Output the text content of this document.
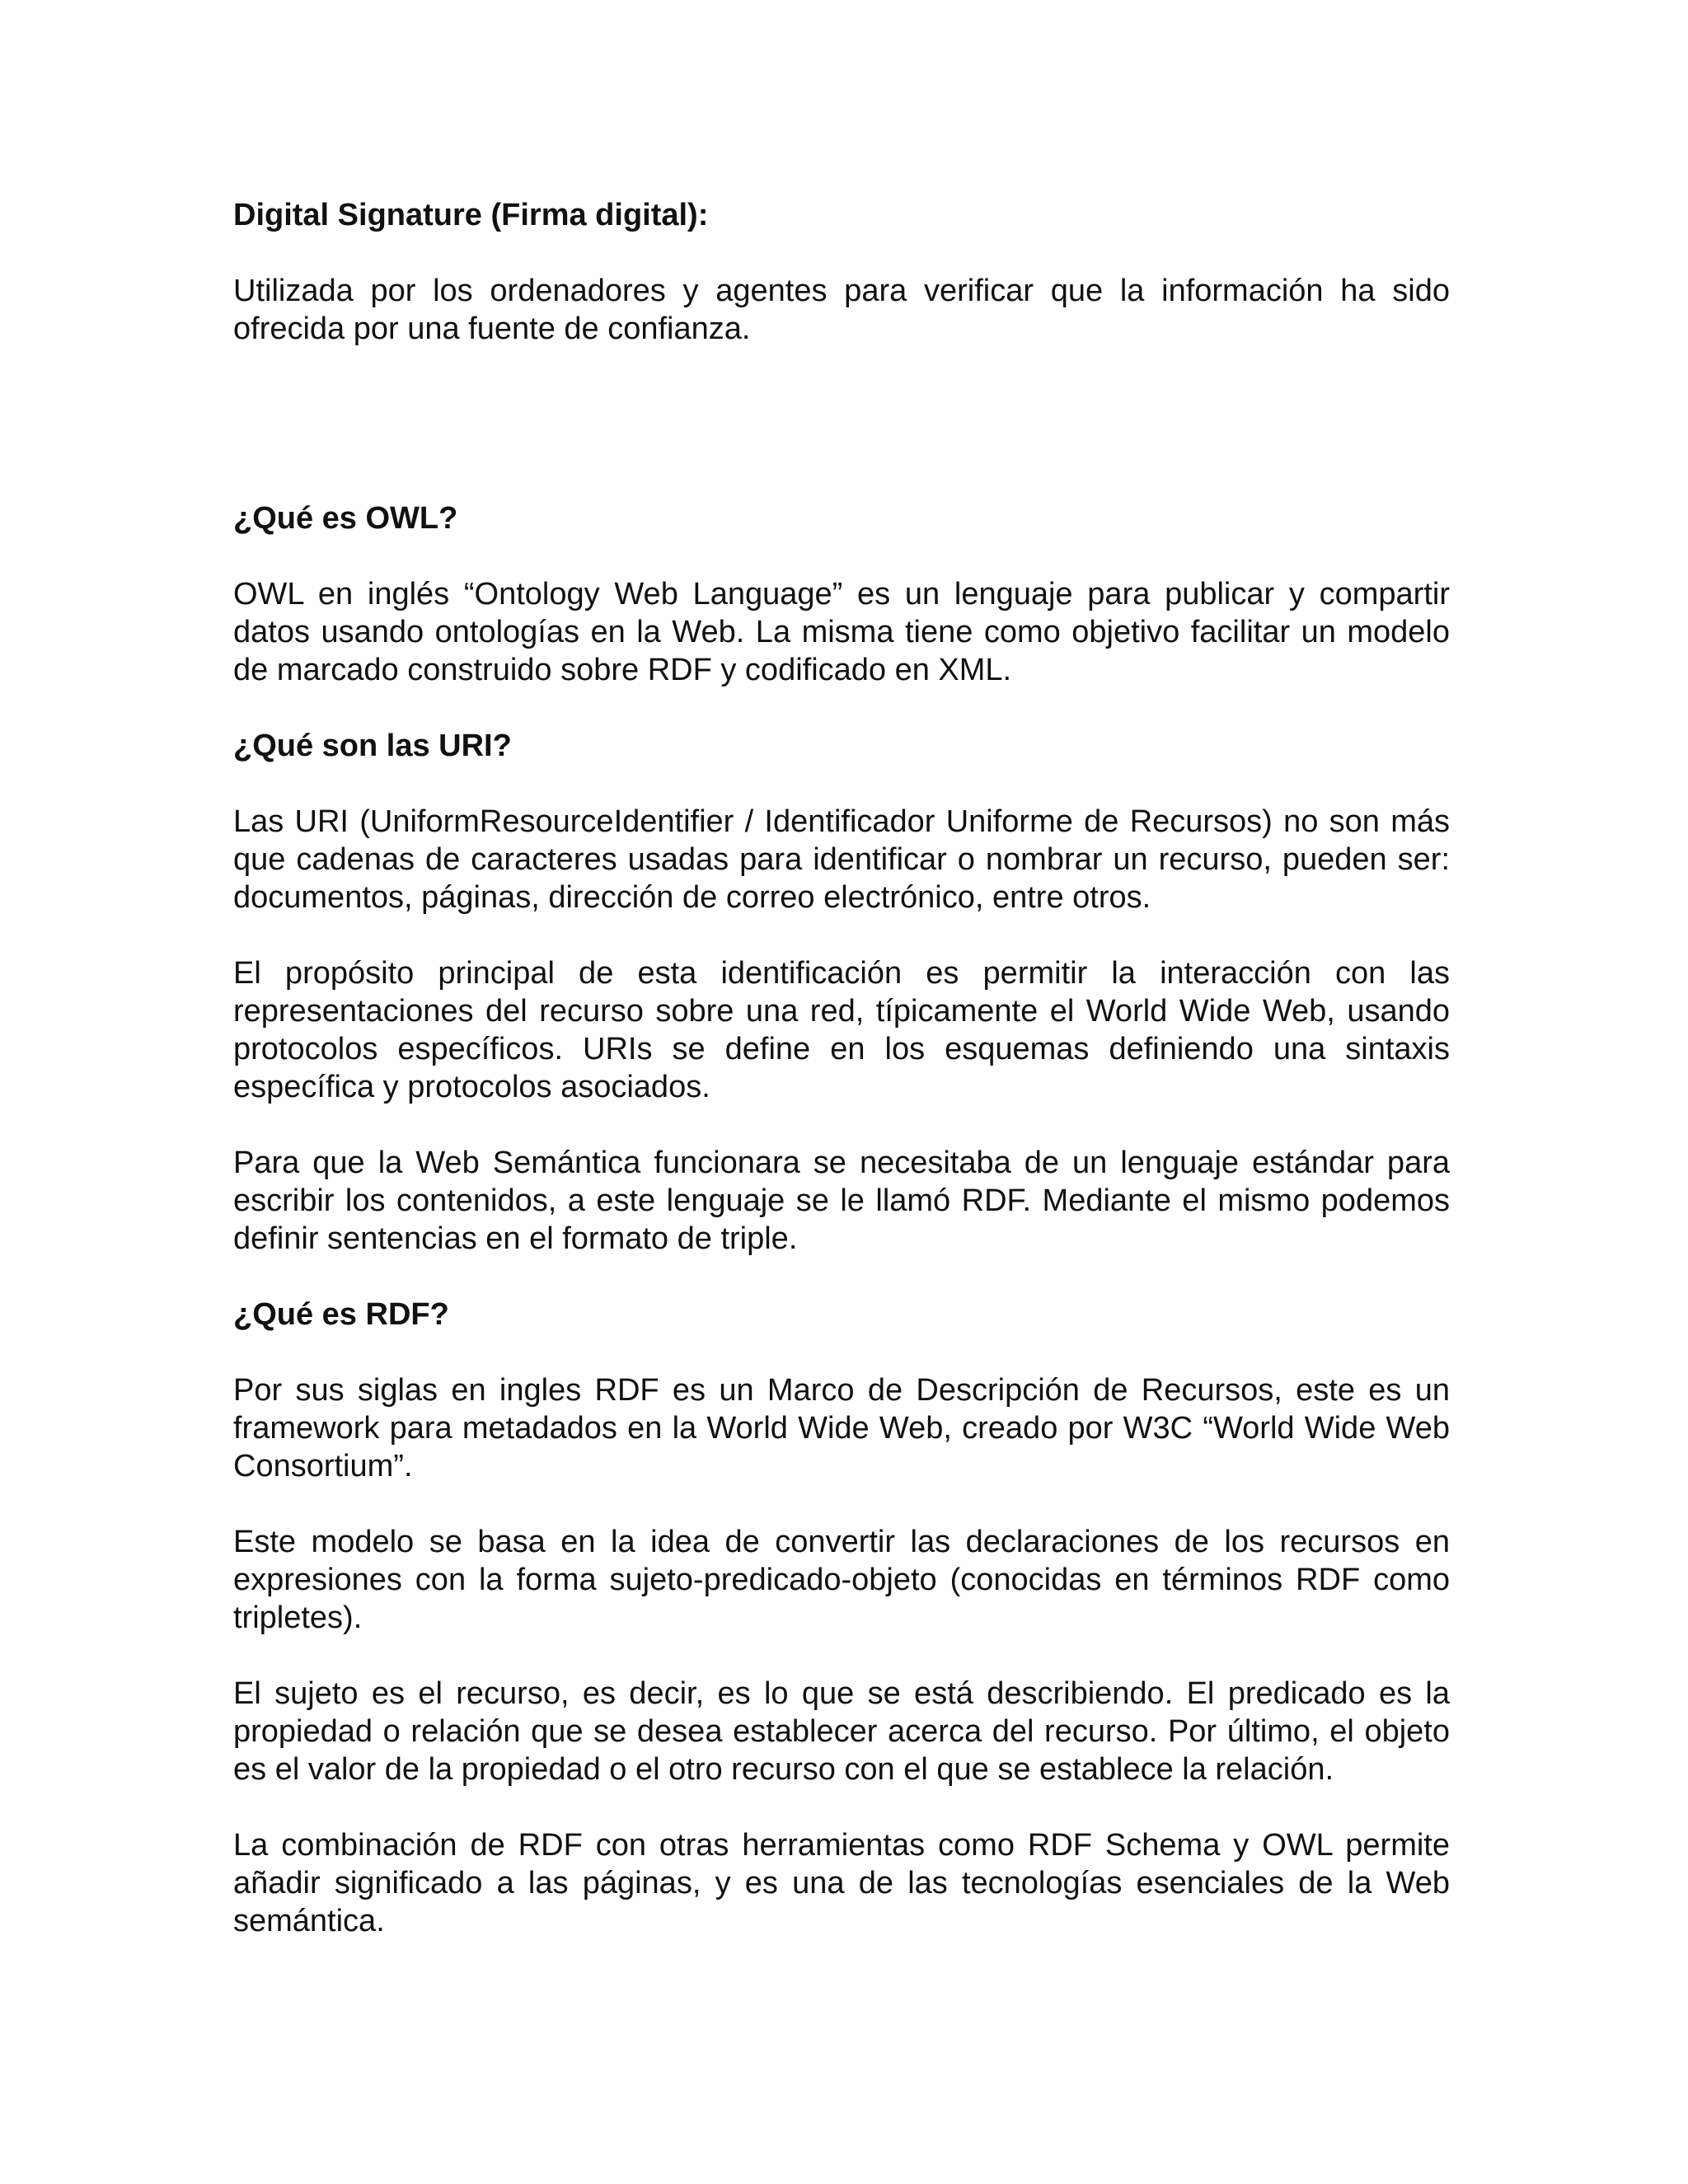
Digital Signature (Firma digital):

Utilizada por los ordenadores y agentes para verificar que la información ha sido ofrecida por una fuente de confianza.

¿Qué es OWL?

OWL en inglés “Ontology Web Language” es un lenguaje para publicar y compartir datos usando ontologías en la Web. La misma tiene como objetivo facilitar un modelo de marcado construido sobre RDF y codificado en XML.

¿Qué son las URI?

Las URI (UniformResourceIdentifier / Identificador Uniforme de Recursos) no son más que cadenas de caracteres usadas para identificar o nombrar un recurso, pueden ser: documentos, páginas, dirección de correo electrónico, entre otros.

El propósito principal de esta identificación es permitir la interacción con las representaciones del recurso sobre una red, típicamente el World Wide Web, usando protocolos específicos. URIs se define en los esquemas definiendo una sintaxis específica y protocolos asociados.

Para que la Web Semántica funcionara se necesitaba de un lenguaje estándar para escribir los contenidos, a este lenguaje se le llamó RDF. Mediante el mismo podemos definir sentencias en el formato de triple.

¿Qué es RDF?

Por sus siglas en ingles RDF es un Marco de Descripción de Recursos, este es un framework para metadados en la World Wide Web, creado por W3C “World Wide Web Consortium”.

Este modelo se basa en la idea de convertir las declaraciones de los recursos en expresiones con la forma sujeto-predicado-objeto (conocidas en términos RDF como tripletes).

El sujeto es el recurso, es decir, es lo que se está describiendo. El predicado es la propiedad o relación que se desea establecer acerca del recurso. Por último, el objeto es el valor de la propiedad o el otro recurso con el que se establece la relación.

La combinación de RDF con otras herramientas como RDF Schema y OWL permite añadir significado a las páginas, y es una de las tecnologías esenciales de la Web semántica.
